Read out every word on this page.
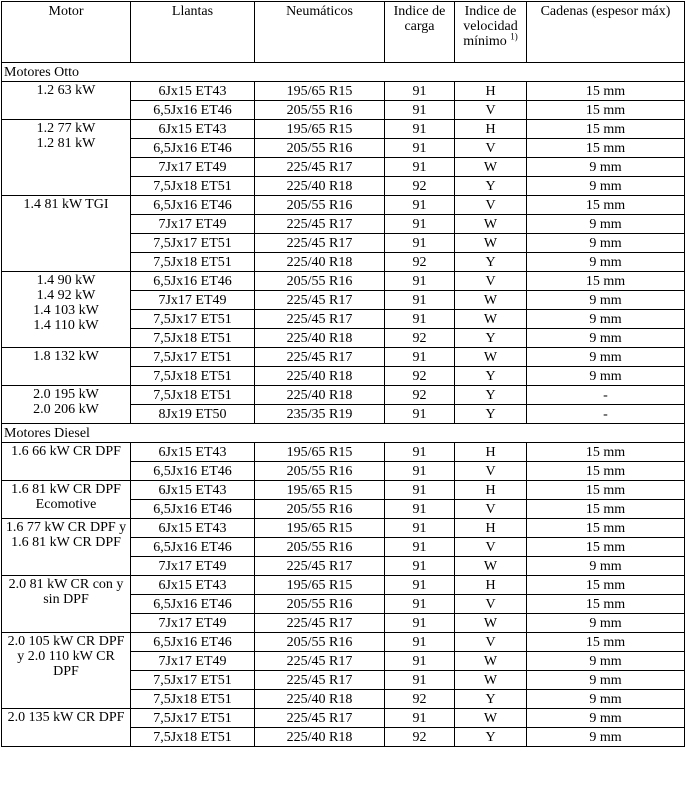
Motor	Llantas	Neumáticos	Indice de carga	Indice de velocidad mínimo $^{1)}$	Cadenas (espesor máx)
Motores Otto					

1.2 63 kW	6Jx15 ET43	195/65 R15	91	H	15 mm
	6,5Jx16 ET46	205/55 R16	91	V	15 mm

1.2 77 kW
1.2 81 kW	6Jx15 ET43	195/65 R15	91	H	15 mm
	6,5Jx16 ET46	205/55 R16	91	V	15 mm
	7Jx17 ET49	225/45 R17	91	W	9 mm
	7,5Jx18 ET51	225/40 R18	92	Y	9 mm

1.4 81 kW TGI	6,5Jx16 ET46	205/55 R16	91	V	15 mm
	7Jx17 ET49	225/45 R17	91	W	9 mm
	7,5Jx17 ET51	225/45 R17	91	W	9 mm
	7,5Jx18 ET51	225/40 R18	92	Y	9 mm

1.4 90 kW
1.4 92 kW
1.4 103 kW
1.4 110 kW	6,5Jx16 ET46	205/55 R16	91	V	15 mm
	7Jx17 ET49	225/45 R17	91	W	9 mm
	7,5Jx17 ET51	225/45 R17	91	W	9 mm
	7,5Jx18 ET51	225/40 R18	92	Y	9 mm

1.8 132 kW	7,5Jx17 ET51	225/45 R17	91	W	9 mm
	7,5Jx18 ET51	225/40 R18	92	Y	9 mm

2.0 195 kW
2.0 206 kW	7,5Jx18 ET51	225/40 R18	92	Y	-
	8Jx19 ET50	235/35 R19	91	Y	-
Motores Diesel					

1.6 66 kW CR DPF	6Jx15 ET43	195/65 R15	91	H	15 mm
	6,5Jx16 ET46	205/55 R16	91	V	15 mm

1.6 81 kW CR DPF Ecomotive	6Jx15 ET43	195/65 R15	91	H	15 mm
	6,5Jx16 ET46	205/55 R16	91	V	15 mm

1.6 77 kW CR DPF y 1.6 81 kW CR DPF	6Jx15 ET43	195/65 R15	91	H	15 mm
	6,5Jx16 ET46	205/55 R16	91	V	15 mm
	7Jx17 ET49	225/45 R17	91	W	9 mm

2.0 81 kW CR con y sin DPF	6Jx15 ET43	195/65 R15	91	H	15 mm
	6,5Jx16 ET46	205/55 R16	91	V	15 mm
	7Jx17 ET49	225/45 R17	91	W	9 mm

2.0 105 kW CR DPF y 2.0 110 kW CR DPF	6,5Jx16 ET46	205/55 R16	91	V	15 mm
	7Jx17 ET49	225/45 R17	91	W	9 mm
	7,5Jx17 ET51	225/45 R17	91	W	9 mm
	7,5Jx18 ET51	225/40 R18	92	Y	9 mm

2.0 135 kW CR DPF	7,5Jx17 ET51	225/45 R17	91	W	9 mm
	7,5Jx18 ET51	225/40 R18	92	Y	9 mm
